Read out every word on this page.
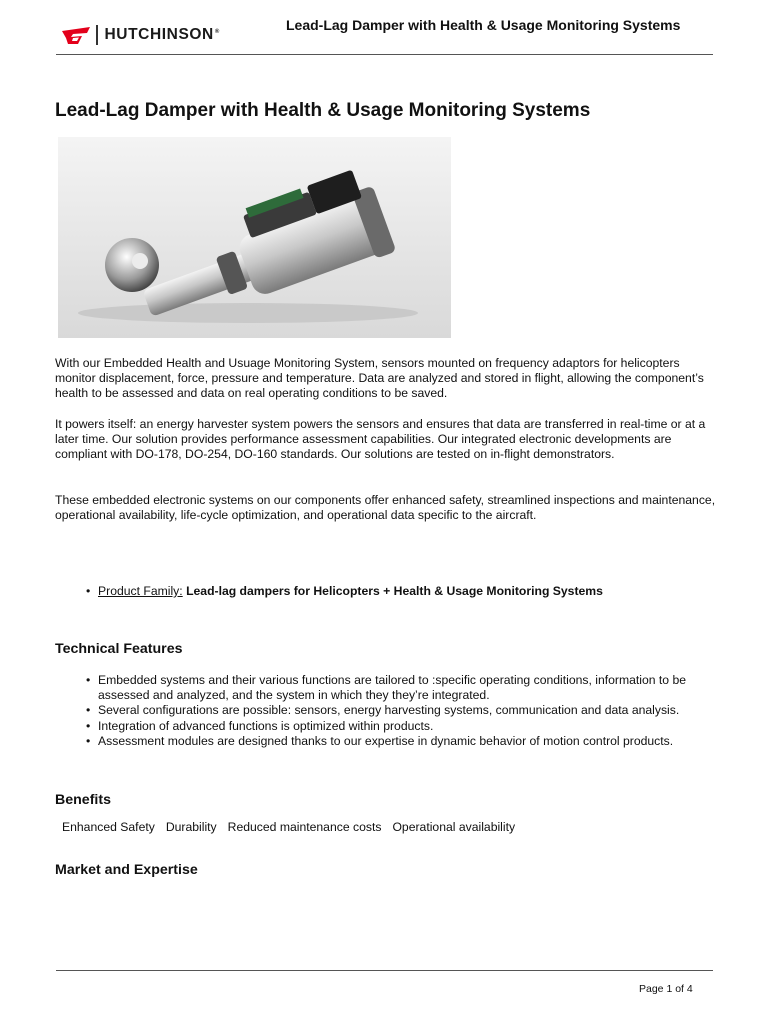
HUTCHINSON®	Lead-Lag Damper with Health & Usage Monitoring Systems
Lead-Lag Damper with Health & Usage Monitoring Systems

With our Embedded Health and Usuage Monitoring System, sensors mounted on frequency adaptors for helicopters monitor displacement, force, pressure and temperature. Data are analyzed and stored in flight, allowing the component’s health to be assessed and data on real operating conditions to be saved.

It powers itself: an energy harvester system powers the sensors and ensures that data are transferred in real-time or at a later time. Our solution provides performance assessment capabilities. Our integrated electronic developments are compliant with DO-178, DO-254, DO-160 standards. Our solutions are tested on in-flight demonstrators.

These embedded electronic systems on our components offer enhanced safety, streamlined inspections and maintenance, operational availability, life-cycle optimization, and operational data specific to the aircraft.

• Product Family: Lead-lag dampers for Helicopters + Health & Usage Monitoring Systems
Technical Features
• Embedded systems and their various functions are tailored to :specific operating conditions, information to be assessed and analyzed, and the system in which they they’re integrated.
• Several configurations are possible: sensors, energy harvesting systems, communication and data analysis.
• Integration of advanced functions is optimized within products.
• Assessment modules are designed thanks to our expertise in dynamic behavior of motion control products.
Benefits
Enhanced Safety Durability Reduced maintenance costs Operational availability
Market and Expertise
Page 1 of 4
